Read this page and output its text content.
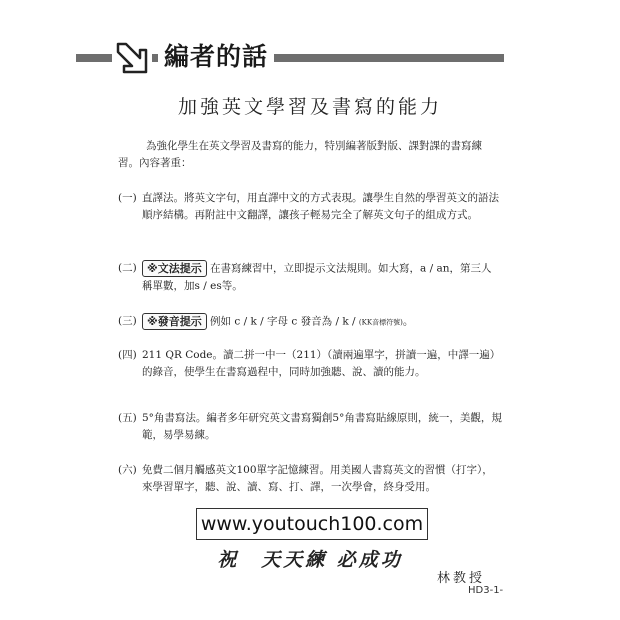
編者的話
加強英文學習及書寫的能力
為強化學生在英文學習及書寫的能力，特別編著版對版、課對課的書寫練習。內容著重：
(一) 直譯法。將英文字句，用直譯中文的方式表現。讓學生自然的學習英文的語法順序結構。再附註中文翻譯，讓孩子輕易完全了解英文句子的組成方式。
(二) ※文法提示 在書寫練習中，立即提示文法規則。如大寫，a / an，第三人稱單數，加s / es等。
(三) ※發音提示 例如 c / k / 字母 c 發音為 / k / (KK音標符號)。
(四) 211 QR Code。讀二拼一中一（211）（讀兩遍單字，拼讀一遍，中譯一遍）的錄音，使學生在書寫過程中，同時加強聽、說、讀的能力。
(五) 5°角書寫法。編者多年研究英文書寫獨創5°角書寫貼線原則，統一，美觀，規範，易學易練。
(六) 免費二個月觸感英文100單字記憶練習。用美國人書寫英文的習慣（打字），來學習單字，聽、說、讀、寫、打、譯，一次學會，終身受用。
www.youtouch100.com
祝　天天練 必成功
林教授
HD3-1-
